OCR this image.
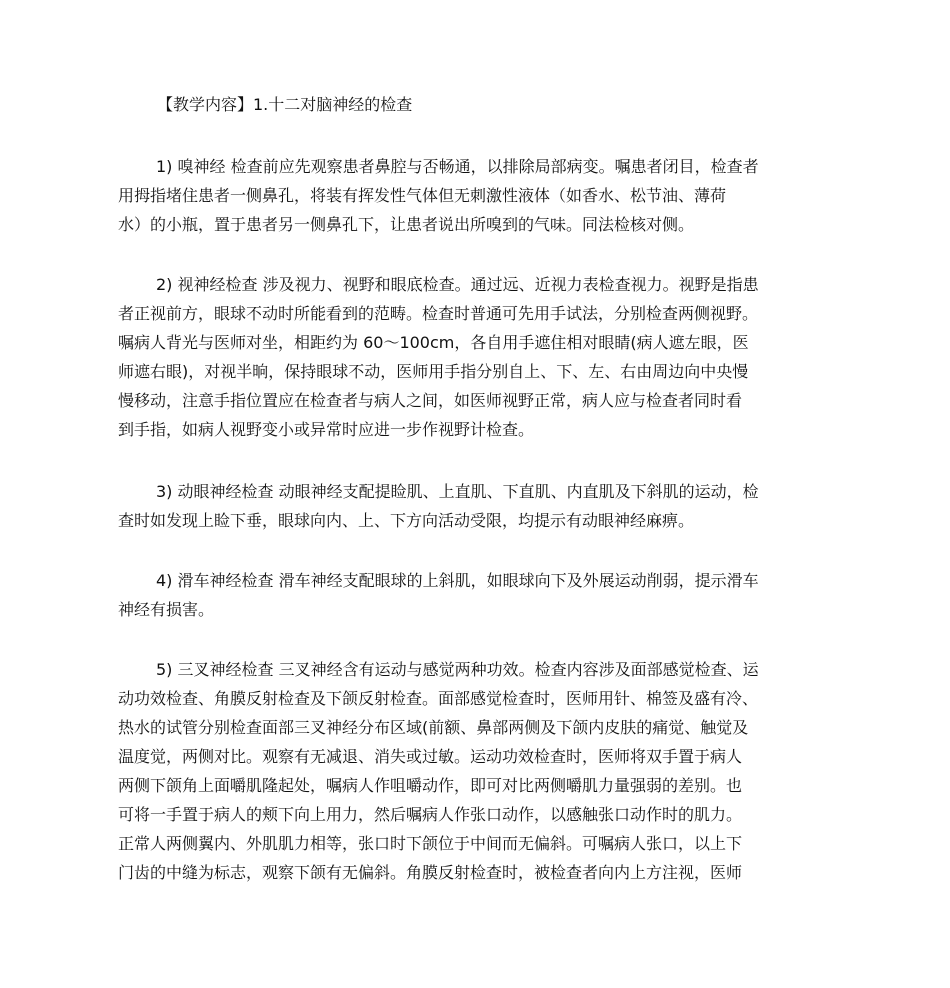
【教学内容】1.十二对脑神经的检查
1) 嗅神经 检查前应先观察患者鼻腔与否畅通，以排除局部病变。嘱患者闭目，检查者
用拇指堵住患者一侧鼻孔，将装有挥发性气体但无刺激性液体（如香水、松节油、薄荷
水）的小瓶，置于患者另一侧鼻孔下，让患者说出所嗅到的气味。同法检核对侧。
2) 视神经检查 涉及视力、视野和眼底检查。通过远、近视力表检查视力。视野是指患
者正视前方，眼球不动时所能看到的范畴。检查时普通可先用手试法，分别检查两侧视野。
嘱病人背光与医师对坐，相距约为 60～100cm，各自用手遮住相对眼睛(病人遮左眼，医
师遮右眼)，对视半晌，保持眼球不动，医师用手指分别自上、下、左、右由周边向中央慢
慢移动，注意手指位置应在检查者与病人之间，如医师视野正常，病人应与检查者同时看
到手指，如病人视野变小或异常时应进一步作视野计检查。
3) 动眼神经检查 动眼神经支配提睑肌、上直肌、下直肌、内直肌及下斜肌的运动，检
查时如发现上睑下垂，眼球向内、上、下方向活动受限，均提示有动眼神经麻痹。
4) 滑车神经检查 滑车神经支配眼球的上斜肌，如眼球向下及外展运动削弱，提示滑车
神经有损害。
5) 三叉神经检查 三叉神经含有运动与感觉两种功效。检查内容涉及面部感觉检查、运
动功效检查、角膜反射检查及下颌反射检查。面部感觉检查时，医师用针、棉签及盛有冷、
热水的试管分别检查面部三叉神经分布区域(前额、鼻部两侧及下颌内皮肤的痛觉、触觉及
温度觉，两侧对比。观察有无减退、消失或过敏。运动功效检查时，医师将双手置于病人
两侧下颌角上面嚼肌隆起处，嘱病人作咀嚼动作，即可对比两侧嚼肌力量强弱的差别。也
可将一手置于病人的颊下向上用力，然后嘱病人作张口动作，以感触张口动作时的肌力。
正常人两侧翼内、外肌肌力相等，张口时下颌位于中间而无偏斜。可嘱病人张口，以上下
门齿的中缝为标志，观察下颌有无偏斜。角膜反射检查时，被检查者向内上方注视，医师
